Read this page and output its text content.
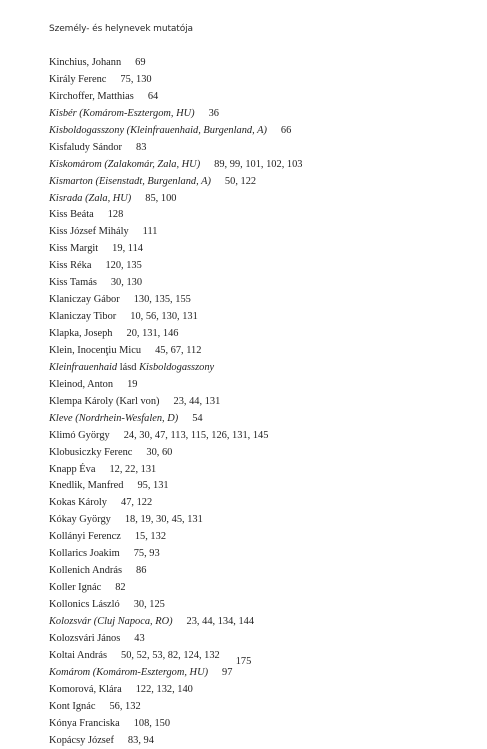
Személy- és helynevek mutatója
Kinchius, Johann 69
Király Ferenc 75, 130
Kirchoffer, Matthias 64
Kisbér (Komárom-Esztergom, HU) 36
Kisboldogasszony (Kleinfrauenhaid, Burgenland, A) 66
Kisfaludy Sándor 83
Kiskomárom (Zalakomár, Zala, HU) 89, 99, 101, 102, 103
Kismarton (Eisenstadt, Burgenland, A) 50, 122
Kisrada (Zala, HU) 85, 100
Kiss Beáta 128
Kiss József Mihály 111
Kiss Margit 19, 114
Kiss Réka 120, 135
Kiss Tamás 30, 130
Klaniczay Gábor 130, 135, 155
Klaniczay Tibor 10, 56, 130, 131
Klapka, Joseph 20, 131, 146
Klein, Inocenţiu Micu 45, 67, 112
Kleinfrauenhaid lásd Kisboldogasszony
Kleinod, Anton 19
Klempa Károly (Karl von) 23, 44, 131
Kleve (Nordrhein-Wesfalen, D) 54
Klimó György 24, 30, 47, 113, 115, 126, 131, 145
Klobusiczky Ferenc 30, 60
Knapp Éva 12, 22, 131
Knedlik, Manfred 95, 131
Kokas Károly 47, 122
Kókay György 18, 19, 30, 45, 131
Kollányi Ferencz 15, 132
Kollarics Joakim 75, 93
Kollenich András 86
Koller Ignác 82
Kollonics László 30, 125
Kolozsvár (Cluj Napoca, RO) 23, 44, 134, 144
Kolozsvári János 43
Koltai András 50, 52, 53, 82, 124, 132
Komárom (Komárom-Esztergom, HU) 97
Komorová, Klára 122, 132, 140
Kont Ignác 56, 132
Kónya Franciska 108, 150
Kopácsy József 83, 94
175
